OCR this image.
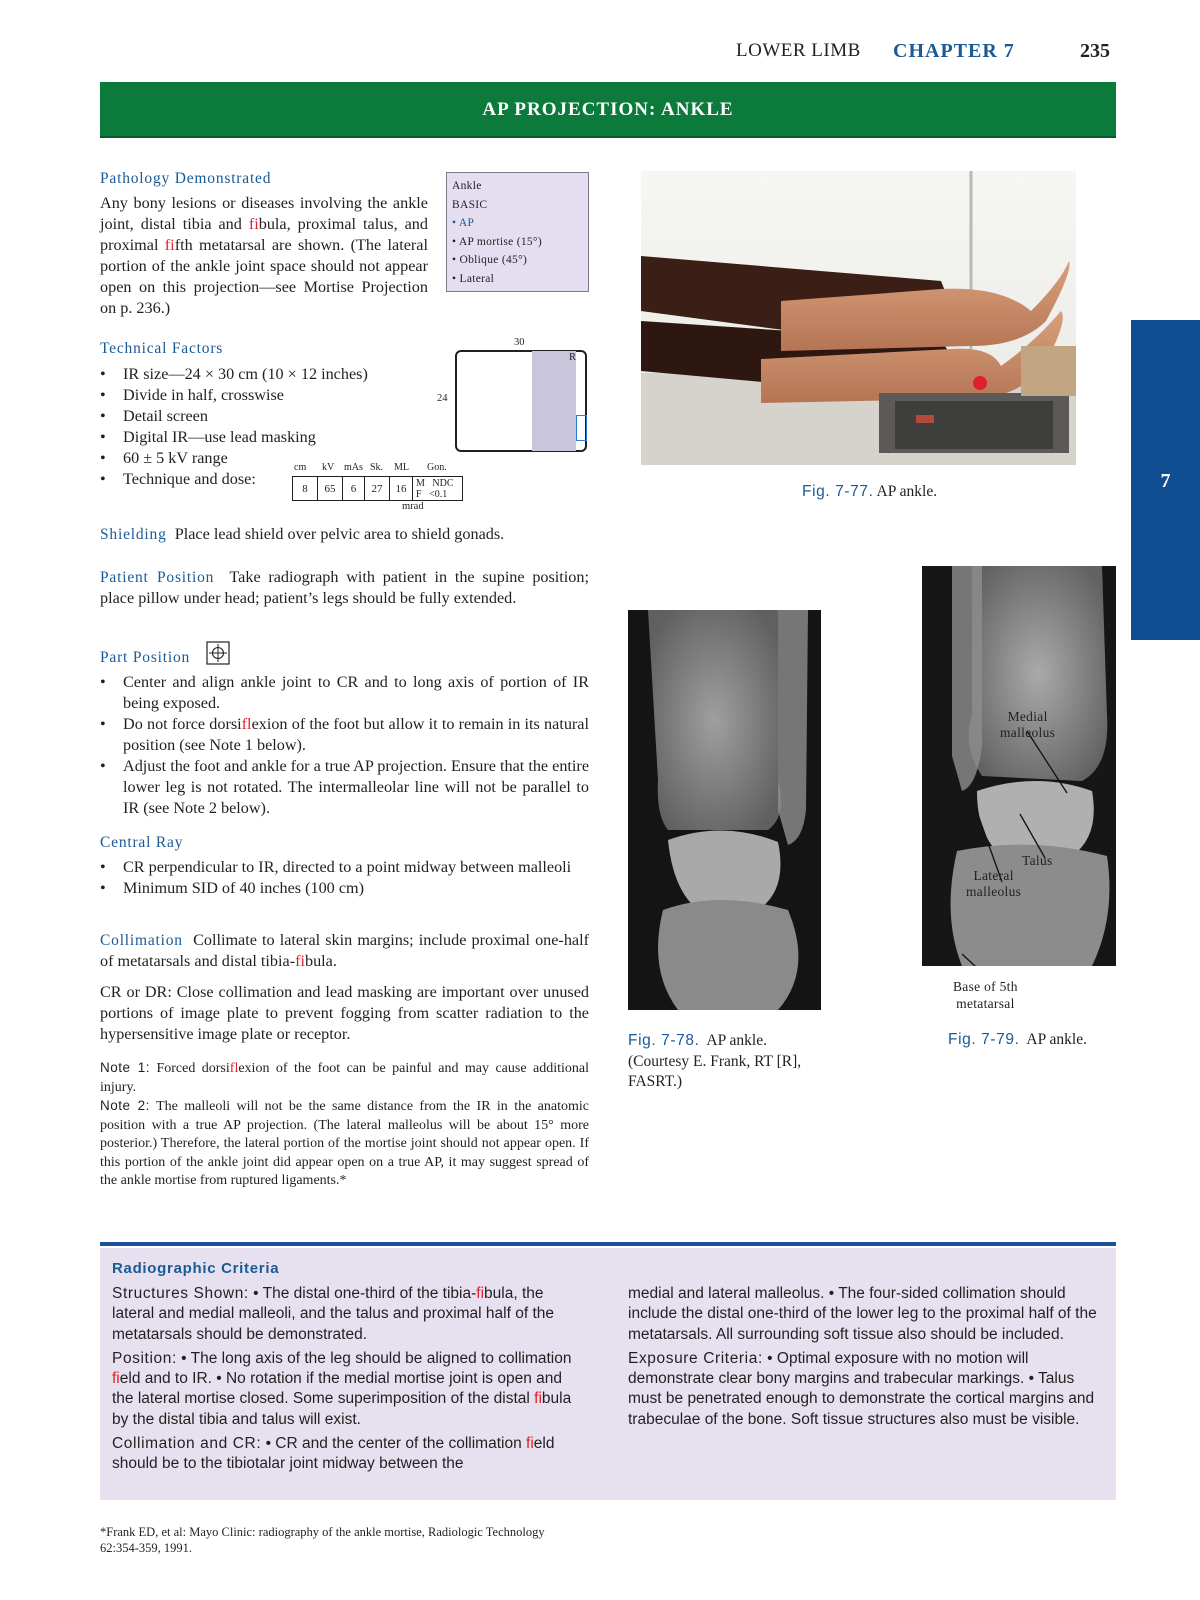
LOWER LIMB CHAPTER 7	235
AP PROJECTION: ANKLE
7
Pathology Demonstrated
Any bony lesions or diseases involving the ankle joint, distal tibia and fibula, proximal talus, and proximal fifth metatarsal are shown. (The lateral portion of the ankle joint space should not appear open on this projection—see Mortise Projection on p. 236.)
Ankle
BASIC
• AP
• AP mortise (15°)
• Oblique (45°)
• Lateral
Technical Factors
• IR size—24 × 30 cm (10 × 12 inches)
• Divide in half, crosswise
• Detail screen
• Digital IR—use lead masking
• 60 ± 5 kV range
• Technique and dose:
30
24
R
cm kV mAs Sk. ML Gon.
8	65	6	27	16	M NDC
F <0.1
mrad
Shielding Place lead shield over pelvic area to shield gonads.
Patient Position Take radiograph with patient in the supine position; place pillow under head; patient’s legs should be fully extended.
Part Position
• Center and align ankle joint to CR and to long axis of portion of IR being exposed.
• Do not force dorsiflexion of the foot but allow it to remain in its natural position (see Note 1 below).
• Adjust the foot and ankle for a true AP projection. Ensure that the entire lower leg is not rotated. The intermalleolar line will not be parallel to IR (see Note 2 below).
Central Ray
• CR perpendicular to IR, directed to a point midway between malleoli
• Minimum SID of 40 inches (100 cm)
Collimation Collimate to lateral skin margins; include proximal one-half of metatarsals and distal tibia-fibula.
CR or DR: Close collimation and lead masking are important over unused portions of image plate to prevent fogging from scatter radiation to the hypersensitive image plate or receptor.
Note 1: Forced dorsiflexion of the foot can be painful and may cause additional injury.
Note 2: The malleoli will not be the same distance from the IR in the anatomic position with a true AP projection. (The lateral malleolus will be about 15° more posterior.) Therefore, the lateral portion of the mortise joint should not appear open. If this portion of the ankle joint did appear open on a true AP, it may suggest spread of the ankle mortise from ruptured ligaments.*
Fig. 7-77. AP ankle.
Fig. 7-78. AP ankle.
(Courtesy E. Frank, RT [R],
FASRT.)
Medial
malleolus
Talus
Lateral
malleolus
Base of 5th
metatarsal
Fig. 7-79. AP ankle.
Radiographic Criteria
Structures Shown: • The distal one-third of the tibia-fibula, the lateral and medial malleoli, and the talus and proximal half of the metatarsals should be demonstrated.
Position: • The long axis of the leg should be aligned to collimation field and to IR. • No rotation if the medial mortise joint is open and the lateral mortise closed. Some superimposition of the distal fibula by the distal tibia and talus will exist.
Collimation and CR: • CR and the center of the collimation field should be to the tibiotalar joint midway between the
medial and lateral malleolus. • The four-sided collimation should include the distal one-third of the lower leg to the proximal half of the metatarsals. All surrounding soft tissue also should be included.
Exposure Criteria: • Optimal exposure with no motion will demonstrate clear bony margins and trabecular markings. • Talus must be penetrated enough to demonstrate the cortical margins and trabeculae of the bone. Soft tissue structures also must be visible.
*Frank ED, et al: Mayo Clinic: radiography of the ankle mortise, Radiologic Technology
62:354-359, 1991.
